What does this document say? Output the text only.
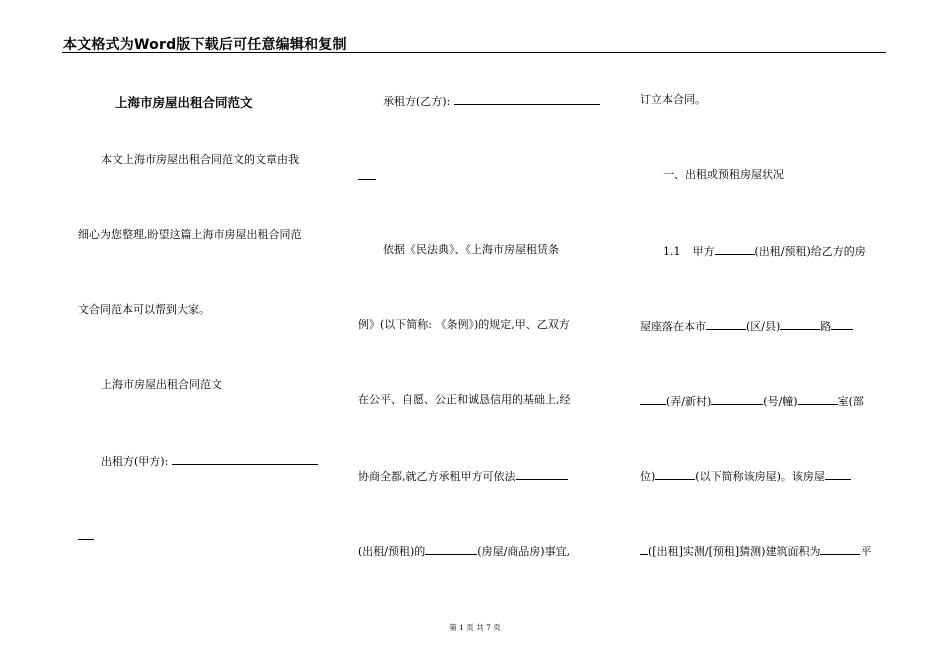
本文格式为Word版下载后可任意编辑和复制
上海市房屋出租合同范文
本文上海市房屋出租合同范文的文章由我
细心为您整理,盼望这篇上海市房屋出租合同范
文合同范本可以帮到大家。
上海市房屋出租合同范文
出租方(甲方):
承租方(乙方):
依据《民法典》、《上海市房屋租赁条
例》(以下简称: 《条例》)的规定,甲、乙双方
在公平、自愿、公正和诚恳信用的基础上,经
协商全都,就乙方承租甲方可依法
(出租/预租)的	(房屋/商品房)事宜,
订立本合同。
一、出租或预租房屋状况
1.1 甲方	(出租/预租)给乙方的房
屋座落在本市	(区/县)	路
(弄/新村)	(号/幢)	室(部
位)	(以下简称该房屋)。该房屋
([出租]实测/[预租]猜测)建筑面积为	平
第 1 页 共 7 页
